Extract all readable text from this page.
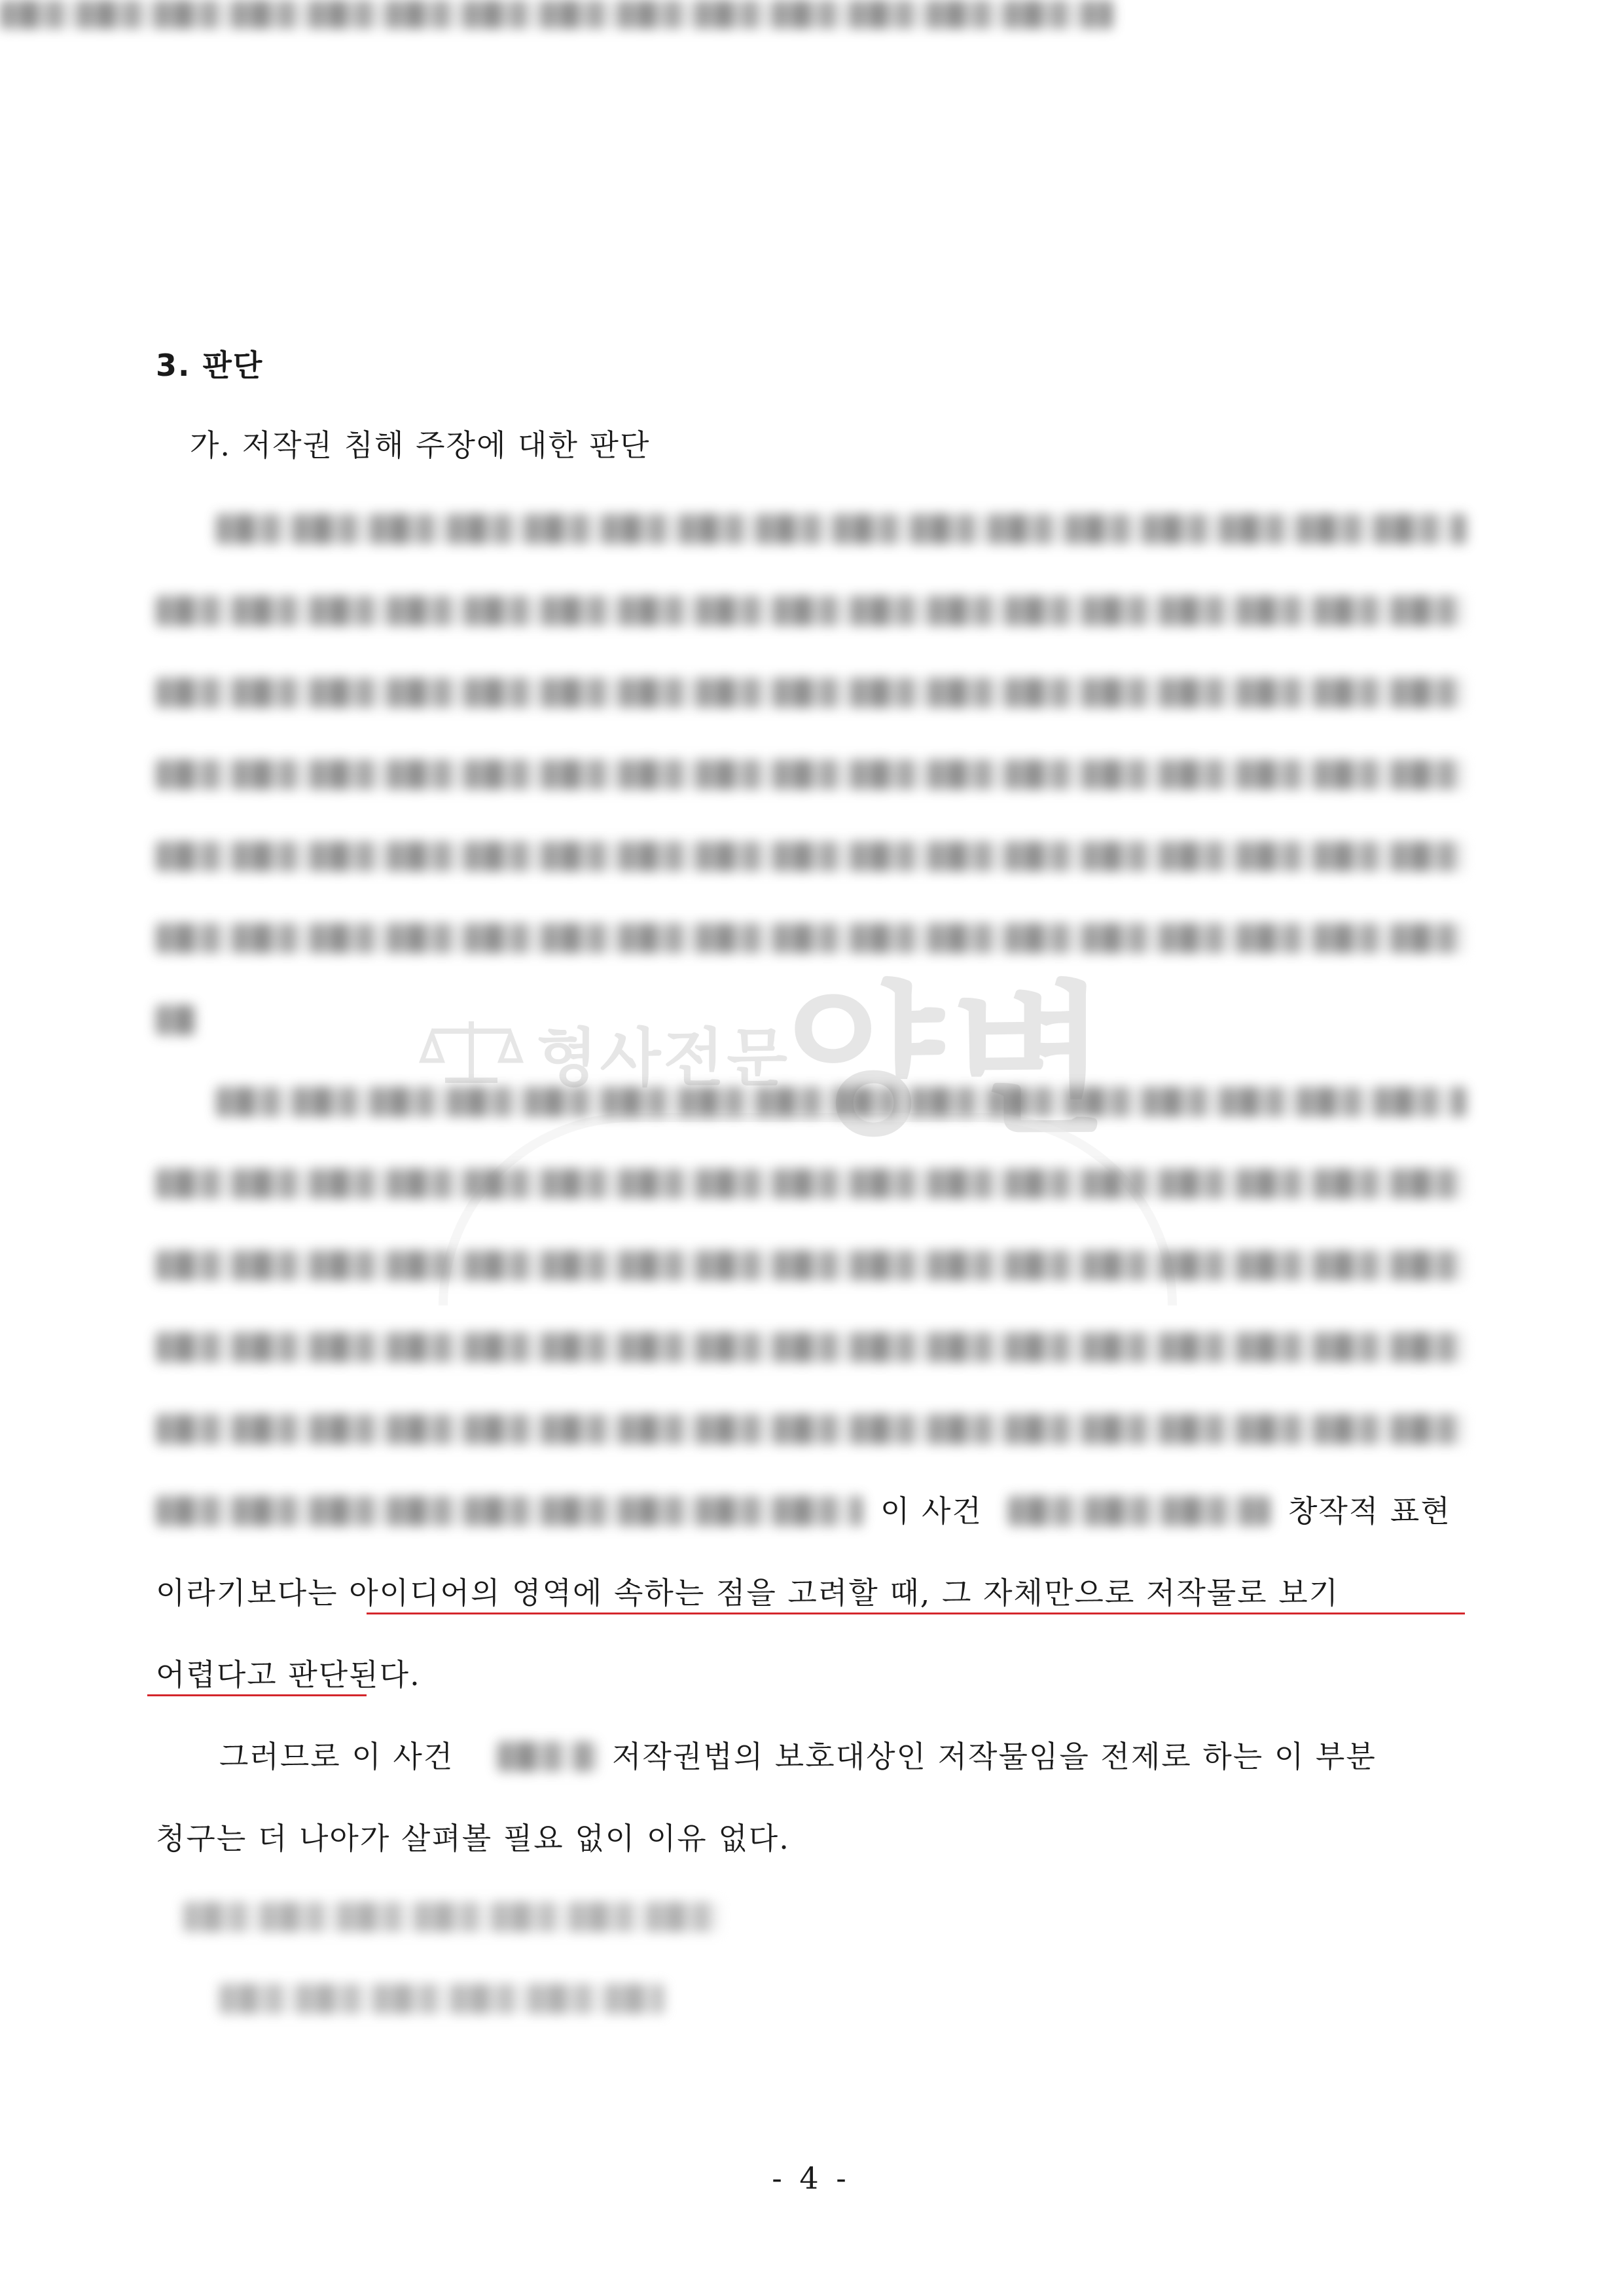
3. 판단
가. 저작권 침해 주장에 대한 판단
이 사건	창작적 표현
이라기보다는 아이디어의 영역에 속하는 점을 고려할 때, 그 자체만으로 저작물로 보기
어렵다고 판단된다.
그러므로 이 사건	저작권법의 보호대상인 저작물임을 전제로 하는 이 부분
청구는 더 나아가 살펴볼 필요 없이 이유 없다.
형사전문
양변
- 4 -
